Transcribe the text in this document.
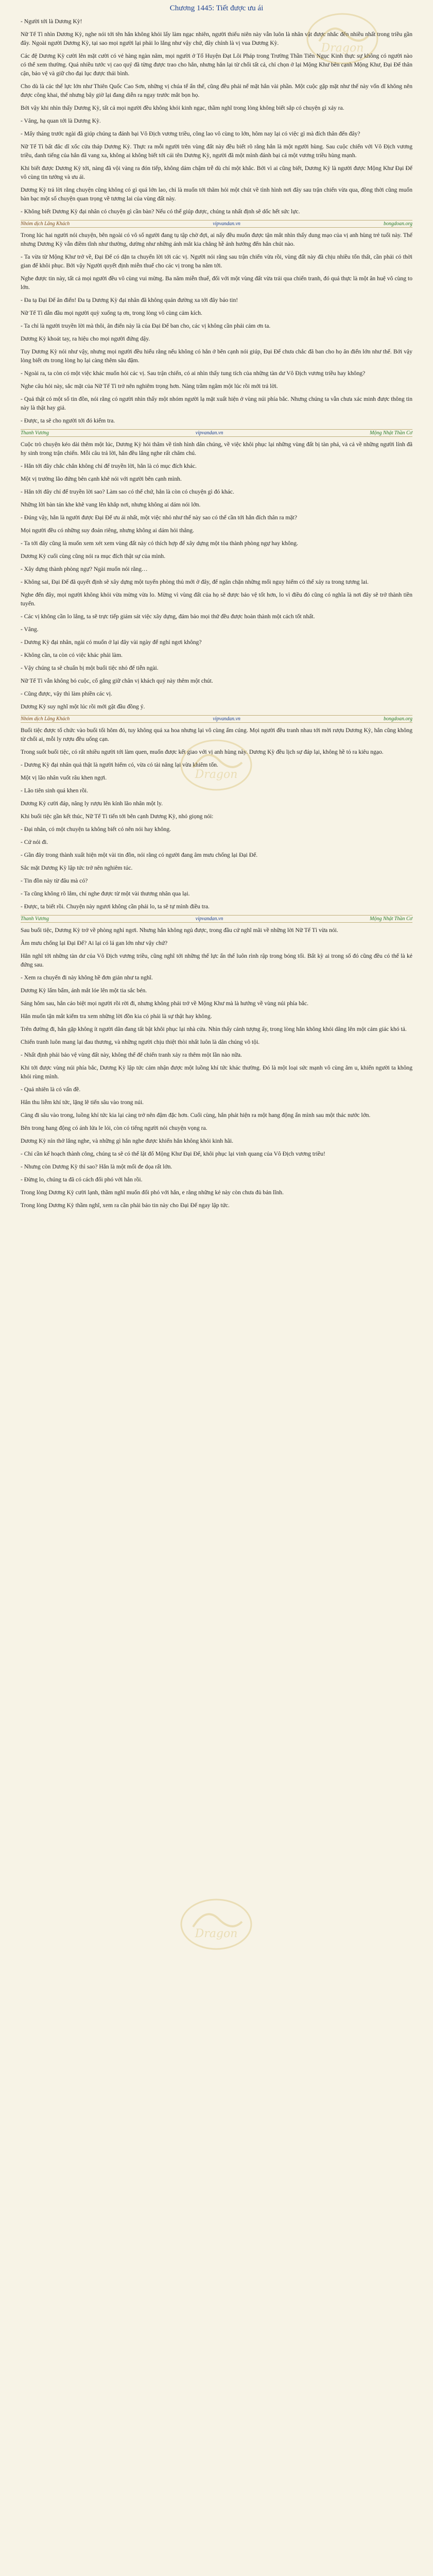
Dragon
Dragon
Dragon
Chương 1445: Tiết được ưu ái

- Người tới là Dương Kỳ!

Nữ Tế Tì nhìn Dương Kỳ, nghe nói tới tên hắn không khỏi lấy làm ngạc nhiên, người thiếu niên này vẫn luôn là nhân vật được nhắc đến nhiều nhất trong triều gần đây. Ngoài người Dương Kỳ, tại sao mọi người lại phải lo lắng như vậy chứ, đây chính là vị vua Dương Kỳ.

Các đệ Dương Kỳ cười lên mặt cười có vẻ hàng ngàn năm, mọi người ở Tổ Huyện Đạt Lôi Pháp trong Trường Thần Tiên Ngục Kinh thực sự không có người nào có thể xem thường. Quá nhiều tước vị cao quý đã từng được trao cho hắn, nhưng hắn lại từ chối tất cả, chỉ chọn ở lại Mộng Khư bên cạnh Mộng Khư, Đại Đế thân cận, bảo vệ và giữ cho đại lục được thái bình.

Cho dù là các thế lực lớn như Thiên Quốc Cao Sơn, những vị chúa tể ẩn thế, cũng đều phải nể mặt hắn vài phần. Một cuộc gặp mặt như thế này vốn dĩ không nên được công khai, thế nhưng bây giờ lại đang diễn ra ngay trước mắt bọn họ.

Bởi vậy khi nhìn thấy Dương Kỳ, tất cả mọi người đều không khỏi kinh ngạc, thầm nghĩ trong lòng không biết sắp có chuyện gì xảy ra.

- Vâng, hạ quan tới là Dương Kỳ.

- Mấy tháng trước ngài đã giúp chúng ta đánh bại Vô Địch vương triều, công lao vô cùng to lớn, hôm nay lại có việc gì mà đích thân đến đây?

Nữ Tế Tì bất đắc dĩ xốc cửa tháp Dương Kỳ. Thực ra mỗi người trên vùng đất này đều biết rõ rằng hắn là một người hùng. Sau cuộc chiến với Vô Địch vương triều, danh tiếng của hắn đã vang xa, không ai không biết tới cái tên Dương Kỳ, người đã một mình đánh bại cả một vương triều hùng mạnh.

Khi biết được Dương Kỳ tới, nàng đã vội vàng ra đón tiếp, không dám chậm trễ dù chỉ một khắc. Bởi vì ai cũng biết, Dương Kỳ là người được Mộng Khư Đại Đế vô cùng tin tưởng và ưu ái.

Dương Kỳ trả lời rằng chuyện cũng không có gì quá lớn lao, chỉ là muốn tới thăm hỏi một chút về tình hình nơi đây sau trận chiến vừa qua, đồng thời cũng muốn bàn bạc một số chuyện quan trọng về tương lai của vùng đất này.

- Không biết Dương Kỳ đại nhân có chuyện gì cần bàn? Nếu có thể giúp được, chúng ta nhất định sẽ dốc hết sức lực.

Nhóm dịch Lãng Khách	vipvandan.vn	bongdoan.org

Trong lúc hai người nói chuyện, bên ngoài có vô số người đang tụ tập chờ đợi, ai nấy đều muốn được tận mắt nhìn thấy dung mạo của vị anh hùng trẻ tuổi này. Thế nhưng Dương Kỳ vẫn điềm tĩnh như thường, dường như những ánh mắt kia chẳng hề ảnh hưởng đến hắn chút nào.

- Ta vừa từ Mộng Khư trở về, Đại Đế có dặn ta chuyển lời tới các vị. Người nói rằng sau trận chiến vừa rồi, vùng đất này đã chịu nhiều tổn thất, cần phải có thời gian để khôi phục. Bởi vậy Người quyết định miễn thuế cho các vị trong ba năm tới.

Nghe được tin này, tất cả mọi người đều vô cùng vui mừng. Ba năm miễn thuế, đối với một vùng đất vừa trải qua chiến tranh, đó quả thực là một ân huệ vô cùng to lớn.

- Đa tạ Đại Đế ân điển! Đa tạ Dương Kỳ đại nhân đã không quản đường xa tới đây báo tin!

Nữ Tế Tì dẫn đầu mọi người quỳ xuống tạ ơn, trong lòng vô cùng cảm kích.

- Ta chỉ là người truyền lời mà thôi, ân điển này là của Đại Đế ban cho, các vị không cần phải cảm ơn ta.

Dương Kỳ khoát tay, ra hiệu cho mọi người đứng dậy.

Tuy Dương Kỳ nói như vậy, nhưng mọi người đều hiểu rằng nếu không có hắn ở bên cạnh nói giúp, Đại Đế chưa chắc đã ban cho họ ân điển lớn như thế. Bởi vậy lòng biết ơn trong lòng họ lại càng thêm sâu đậm.

- Ngoài ra, ta còn có một việc khác muốn hỏi các vị. Sau trận chiến, có ai nhìn thấy tung tích của những tàn dư Vô Địch vương triều hay không?

Nghe câu hỏi này, sắc mặt của Nữ Tế Tì trở nên nghiêm trọng hơn. Nàng trầm ngâm một lúc rồi mới trả lời.

- Quả thật có một số tin đồn, nói rằng có người nhìn thấy một nhóm người lạ mặt xuất hiện ở vùng núi phía bắc. Nhưng chúng ta vẫn chưa xác minh được thông tin này là thật hay giả.

- Được, ta sẽ cho người tới đó kiểm tra.

Thanh Vương	vipvandan.vn	Mộng Nhật Thần Cơ

Cuộc trò chuyện kéo dài thêm một lúc, Dương Kỳ hỏi thăm về tình hình dân chúng, về việc khôi phục lại những vùng đất bị tàn phá, và cả về những người lính đã hy sinh trong trận chiến. Mỗi câu trả lời, hắn đều lắng nghe rất chăm chú.

- Hắn tới đây chắc chắn không chỉ để truyền lời, hẳn là có mục đích khác.

Một vị trưởng lão đứng bên cạnh khẽ nói với người bên cạnh mình.

- Hắn tới đây chỉ để truyền lời sao? Làm sao có thể chứ, hẳn là còn có chuyện gì đó khác.

Những lời bàn tán khe khẽ vang lên khắp nơi, nhưng không ai dám nói lớn.

- Đúng vậy, hắn là người được Đại Đế ưu ái nhất, một việc nhỏ như thế này sao có thể cần tới hắn đích thân ra mặt?

Mọi người đều có những suy đoán riêng, nhưng không ai dám hỏi thẳng.

- Ta tới đây cũng là muốn xem xét xem vùng đất này có thích hợp để xây dựng một tòa thành phòng ngự hay không.

Dương Kỳ cuối cùng cũng nói ra mục đích thật sự của mình.

- Xây dựng thành phòng ngự? Ngài muốn nói rằng…

- Không sai, Đại Đế đã quyết định sẽ xây dựng một tuyến phòng thủ mới ở đây, để ngăn chặn những mối nguy hiểm có thể xảy ra trong tương lai.

Nghe đến đây, mọi người không khỏi vừa mừng vừa lo. Mừng vì vùng đất của họ sẽ được bảo vệ tốt hơn, lo vì điều đó cũng có nghĩa là nơi đây sẽ trở thành tiền tuyến.

- Các vị không cần lo lắng, ta sẽ trực tiếp giám sát việc xây dựng, đảm bảo mọi thứ đều được hoàn thành một cách tốt nhất.

- Vâng.

- Dương Kỳ đại nhân, ngài có muốn ở lại đây vài ngày để nghỉ ngơi không?

- Không cần, ta còn có việc khác phải làm.

- Vậy chúng ta sẽ chuẩn bị một buổi tiệc nhỏ để tiễn ngài.

Nữ Tế Tì vẫn không bỏ cuộc, cố gắng giữ chân vị khách quý này thêm một chút.

- Cũng được, vậy thì làm phiền các vị.

Dương Kỳ suy nghĩ một lúc rồi mới gật đầu đồng ý.

Nhóm dịch Lãng Khách	vipvandan.vn	bongdoan.org

Buổi tiệc được tổ chức vào buổi tối hôm đó, tuy không quá xa hoa nhưng lại vô cùng ấm cúng. Mọi người đều tranh nhau tới mời rượu Dương Kỳ, hắn cũng không từ chối ai, mỗi ly rượu đều uống cạn.

Trong suốt buổi tiệc, có rất nhiều người tới làm quen, muốn được kết giao với vị anh hùng này. Dương Kỳ đều lịch sự đáp lại, không hề tỏ ra kiêu ngạo.

- Dương Kỳ đại nhân quả thật là người hiếm có, vừa có tài năng lại vừa khiêm tốn.

Một vị lão nhân vuốt râu khen ngợi.

- Lão tiên sinh quá khen rồi.

Dương Kỳ cười đáp, nâng ly rượu lên kính lão nhân một ly.

Khi buổi tiệc gần kết thúc, Nữ Tế Tì tiến tới bên cạnh Dương Kỳ, nhỏ giọng nói:

- Đại nhân, có một chuyện ta không biết có nên nói hay không.

- Cứ nói đi.

- Gần đây trong thành xuất hiện một vài tin đồn, nói rằng có người đang âm mưu chống lại Đại Đế.

Sắc mặt Dương Kỳ lập tức trở nên nghiêm túc.

- Tin đồn này từ đâu mà có?

- Ta cũng không rõ lắm, chỉ nghe được từ một vài thương nhân qua lại.

- Được, ta biết rồi. Chuyện này ngươi không cần phải lo, ta sẽ tự mình điều tra.

Thanh Vương	vipvandan.vn	Mộng Nhật Thần Cơ

Sau buổi tiệc, Dương Kỳ trở về phòng nghỉ ngơi. Nhưng hắn không ngủ được, trong đầu cứ nghĩ mãi về những lời Nữ Tế Tì vừa nói.

Âm mưu chống lại Đại Đế? Ai lại có lá gan lớn như vậy chứ?

Hắn nghĩ tới những tàn dư của Vô Địch vương triều, cũng nghĩ tới những thế lực ẩn thế luôn rình rập trong bóng tối. Bất kỳ ai trong số đó cũng đều có thể là kẻ đứng sau.

- Xem ra chuyến đi này không hề đơn giản như ta nghĩ.

Dương Kỳ lẩm bẩm, ánh mắt lóe lên một tia sắc bén.

Sáng hôm sau, hắn cáo biệt mọi người rồi rời đi, nhưng không phải trở về Mộng Khư mà là hướng về vùng núi phía bắc.

Hắn muốn tận mắt kiểm tra xem những lời đồn kia có phải là sự thật hay không.

Trên đường đi, hắn gặp không ít người dân đang tất bật khôi phục lại nhà cửa. Nhìn thấy cảnh tượng ấy, trong lòng hắn không khỏi dâng lên một cảm giác khó tả.

Chiến tranh luôn mang lại đau thương, và những người chịu thiệt thòi nhất luôn là dân chúng vô tội.

- Nhất định phải bảo vệ vùng đất này, không thể để chiến tranh xảy ra thêm một lần nào nữa.

Khi tới được vùng núi phía bắc, Dương Kỳ lập tức cảm nhận được một luồng khí tức khác thường. Đó là một loại sức mạnh vô cùng âm u, khiến người ta không khỏi rùng mình.

- Quả nhiên là có vấn đề.

Hắn thu liễm khí tức, lặng lẽ tiến sâu vào trong núi.

Càng đi sâu vào trong, luồng khí tức kia lại càng trở nên đậm đặc hơn. Cuối cùng, hắn phát hiện ra một hang động ẩn mình sau một thác nước lớn.

Bên trong hang động có ánh lửa le lói, còn có tiếng người nói chuyện vọng ra.

Dương Kỳ nín thở lắng nghe, và những gì hắn nghe được khiến hắn không khỏi kinh hãi.

- Chỉ cần kế hoạch thành công, chúng ta sẽ có thể lật đổ Mộng Khư Đại Đế, khôi phục lại vinh quang của Vô Địch vương triều!

- Nhưng còn Dương Kỳ thì sao? Hắn là một mối đe dọa rất lớn.

- Đừng lo, chúng ta đã có cách đối phó với hắn rồi.

Trong lòng Dương Kỳ cười lạnh, thầm nghĩ muốn đối phó với hắn, e rằng những kẻ này còn chưa đủ bản lĩnh.

Trong lòng Dương Kỳ thầm nghĩ, xem ra cần phải báo tin này cho Đại Đế ngay lập tức.
